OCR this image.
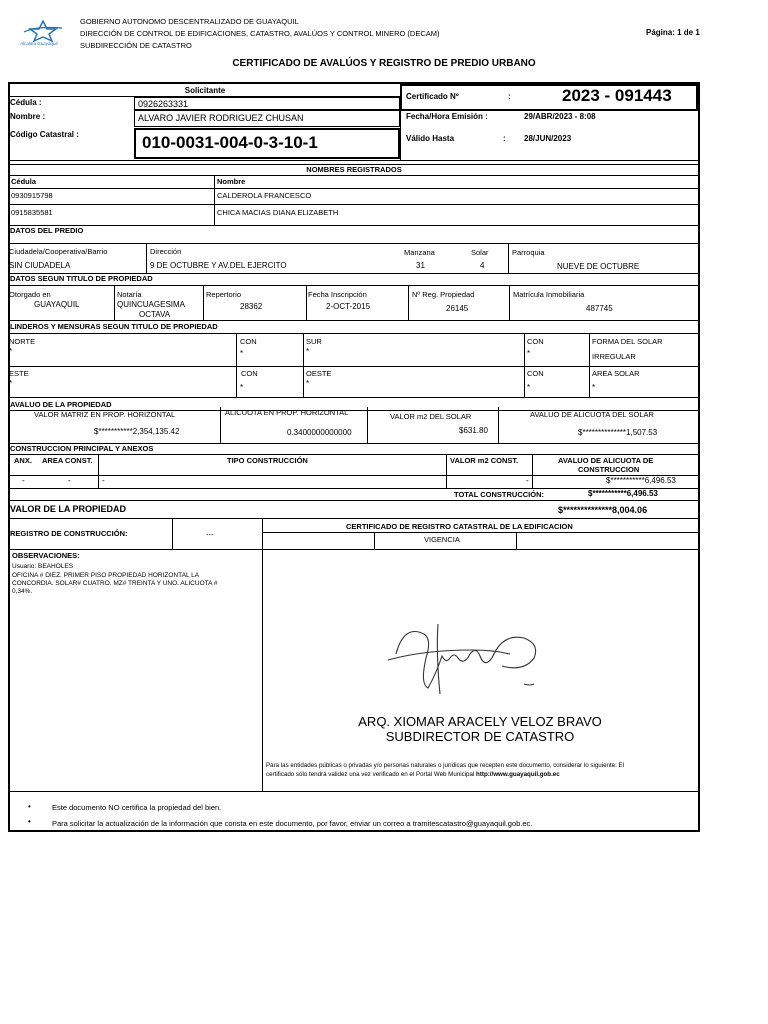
Alcaldía Guayaquil
GOBIERNO AUTONOMO DESCENTRALIZADO DE GUAYAQUIL
DIRECCIÓN DE CONTROL DE EDIFICACIONES, CATASTRO, AVALÚOS Y CONTROL MINERO (DECAM)
SUBDIRECCIÓN DE CATASTRO
Página: 1 de 1
CERTIFICADO DE AVALÚOS Y REGISTRO DE PREDIO URBANO
Solicitante
Cédula :	0926263331
Nombre :	ALVARO JAVIER RODRIGUEZ CHUSAN
Código Catastral :	010-0031-004-0-3-10-1
Certificado Nº	:	2023 - 091443
Fecha/Hora Emisión :	29/ABR/2023 - 8:08
Válido Hasta	: 28/JUN/2023
NOMBRES REGISTRADOS
Cédula	Nombre
0930915798	CALDEROLA FRANCESCO
0915835581	CHICA MACIAS DIANA ELIZABETH
DATOS DEL PREDIO
Ciudadela/Cooperativa/Barrio
SIN CIUDADELA
Dirección
9 DE OCTUBRE Y AV.DEL EJERCITO
Manzana
31
Solar
4
Parroquia
NUEVE DE OCTUBRE
DATOS SEGUN TITULO DE PROPIEDAD
Otorgado en
GUAYAQUIL
Notaría
QUINCUAGESIMA
OCTAVA
Repertorio
28362
Fecha Inscripción
2-OCT-2015
Nº Reg. Propiedad
26145
Matrícula Inmobiliaria
487745
LINDEROS Y MENSURAS SEGUN TITULO DE PROPIEDAD
NORTE
*
CON
*
SUR
*
CON
*
FORMA DEL SOLAR
IRREGULAR
ESTE
*
CON
*
OESTE
*
CON
*
AREA SOLAR
*
AVALUO DE LA PROPIEDAD
VALOR MATRIZ EN PROP. HORIZONTAL
$***********2,354,135.42
ALICUOTA EN PROP. HORIZONTAL
0.3400000000000
VALOR m2 DEL SOLAR
$631.80
AVALUO DE ALICUOTA DEL SOLAR
$**************1,507.53
CONSTRUCCION PRINCIPAL Y ANEXOS
ANX. AREA CONST.	TIPO CONSTRUCCIÓN	VALOR m2 CONST.	AVALUO DE ALICUOTA DE
CONSTRUCCION
-	-	-	-	$***********6,496.53
TOTAL CONSTRUCCIÓN:	$***********6,496.53
VALOR DE LA PROPIEDAD	$**************8,004.06
REGISTRO DE CONSTRUCCIÓN:	---
CERTIFICADO DE REGISTRO CATASTRAL DE LA EDIFICACION
VIGENCIA
OBSERVACIONES:
Usuario: BEAHOLES
OFICINA # DIEZ. PRIMER PISO PROPIEDAD HORIZONTAL LA
CONCORDIA. SOLAR# CUATRO. MZ# TREINTA Y UNO. ALICUOTA #
0,34%.
ARQ. XIOMAR ARACELY VELOZ BRAVO
SUBDIRECTOR DE CATASTRO
Para las entidades públicas o privadas y/o personas naturales o jurídicas que recepten este documento, considerar lo siguiente: El
certificado sólo tendrá validez una vez verificado en el Portal Web Municipal http://www.guayaquil.gob.ec
•	Este documento NO certifica la propiedad del bien.
•	Para solicitar la actualización de la información que consta en este documento, por favor, enviar un correo a tramitescatastro@guayaquil.gob.ec.
